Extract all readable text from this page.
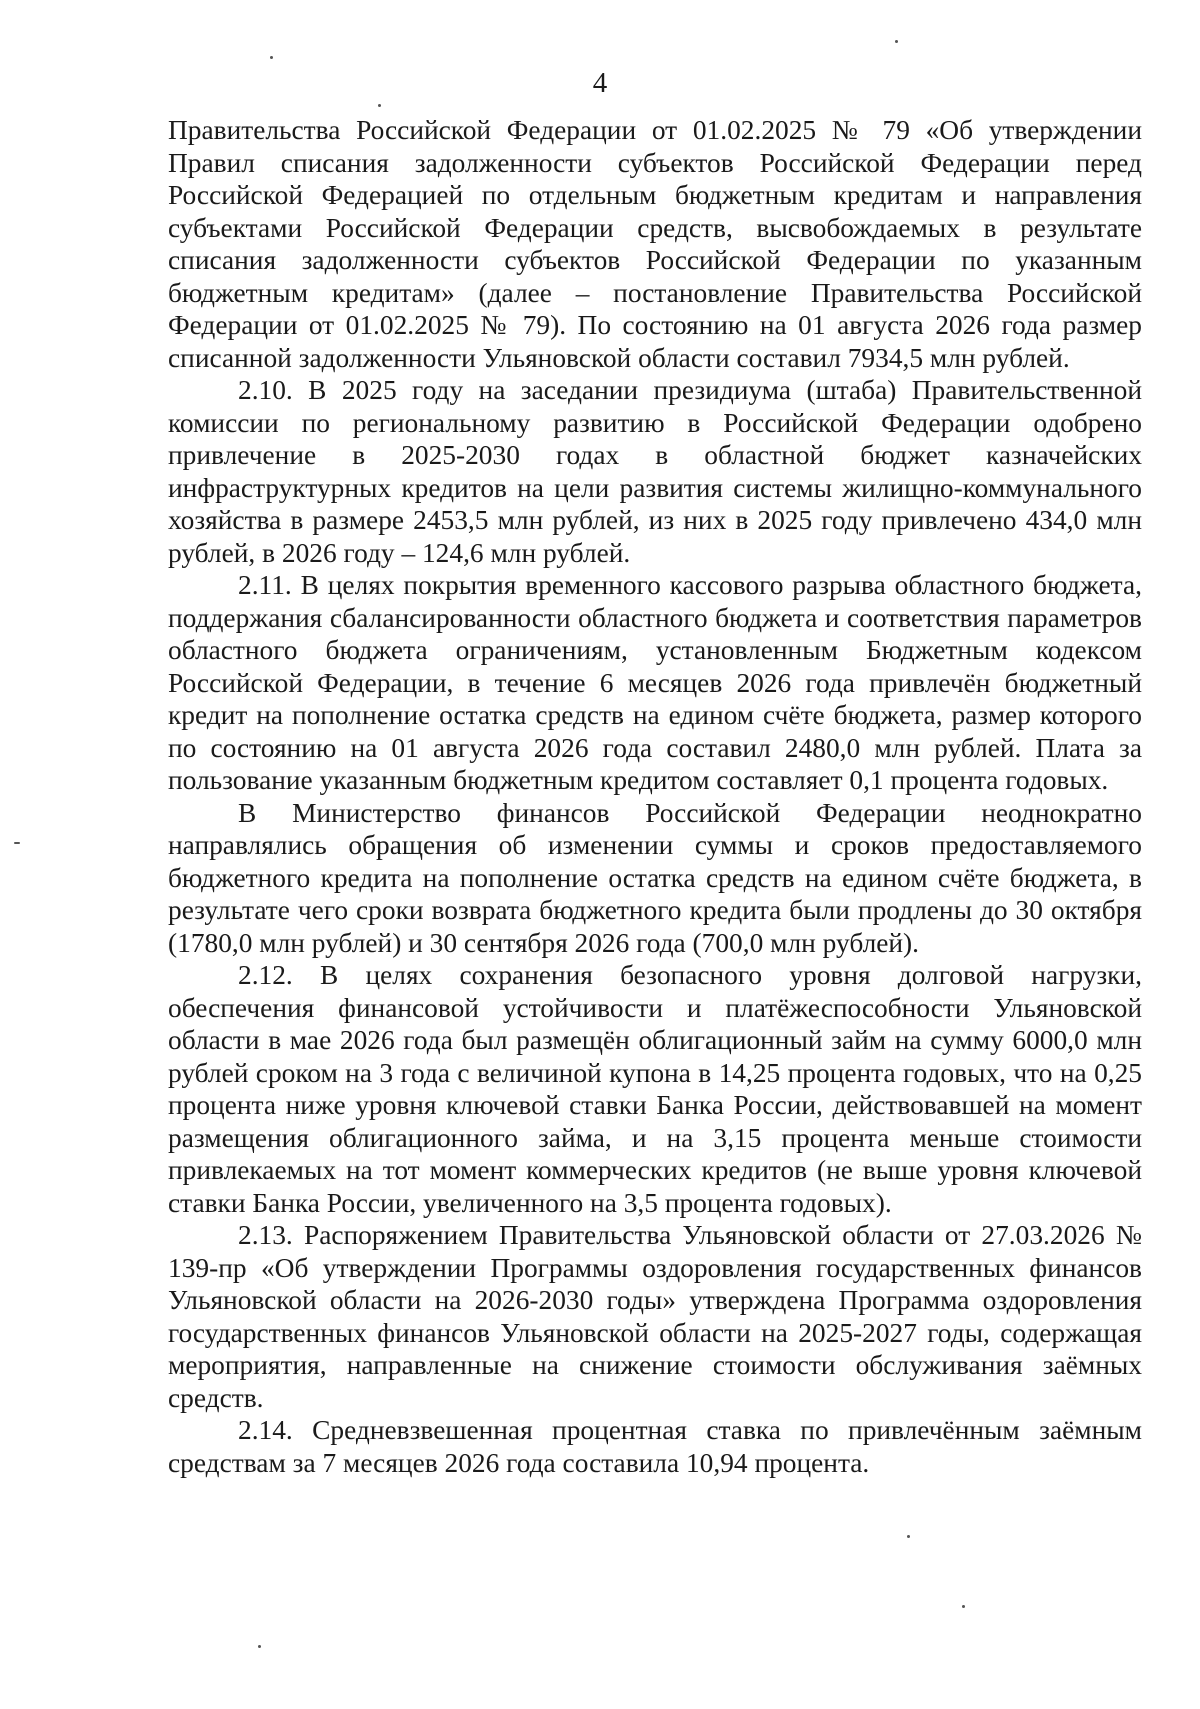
4

Правительства Российской Федерации от 01.02.2025 № 79 «Об утверждении Правил списания задолженности субъектов Российской Федерации перед Российской Федерацией по отдельным бюджетным кредитам и направления субъектами Российской Федерации средств, высвобождаемых в результате списания задолженности субъектов Российской Федерации по указанным бюджетным кредитам» (далее – постановление Правительства Российской Федерации от 01.02.2025 № 79). По состоянию на 01 августа 2026 года размер списанной задолженности Ульяновской области составил 7934,5 млн рублей.

2.10. В 2025 году на заседании президиума (штаба) Правительственной комиссии по региональному развитию в Российской Федерации одобрено привлечение в 2025-2030 годах в областной бюджет казначейских инфраструктурных кредитов на цели развития системы жилищно-коммунального хозяйства в размере 2453,5 млн рублей, из них в 2025 году привлечено 434,0 млн рублей, в 2026 году – 124,6 млн рублей.

2.11. В целях покрытия временного кассового разрыва областного бюджета, поддержания сбалансированности областного бюджета и соответствия параметров областного бюджета ограничениям, установленным Бюджетным кодексом Российской Федерации, в течение 6 месяцев 2026 года привлечён бюджетный кредит на пополнение остатка средств на едином счёте бюджета, размер которого по состоянию на 01 августа 2026 года составил 2480,0 млн рублей. Плата за пользование указанным бюджетным кредитом составляет 0,1 процента годовых.

В Министерство финансов Российской Федерации неоднократно направлялись обращения об изменении суммы и сроков предоставляемого бюджетного кредита на пополнение остатка средств на едином счёте бюджета, в результате чего сроки возврата бюджетного кредита были продлены до 30 октября (1780,0 млн рублей) и 30 сентября 2026 года (700,0 млн рублей).

2.12. В целях сохранения безопасного уровня долговой нагрузки, обеспечения финансовой устойчивости и платёжеспособности Ульяновской области в мае 2026 года был размещён облигационный займ на сумму 6000,0 млн рублей сроком на 3 года с величиной купона в 14,25 процента годовых, что на 0,25 процента ниже уровня ключевой ставки Банка России, действовавшей на момент размещения облигационного займа, и на 3,15 процента меньше стоимости привлекаемых на тот момент коммерческих кредитов (не выше уровня ключевой ставки Банка России, увеличенного на 3,5 процента годовых).

2.13. Распоряжением Правительства Ульяновской области от 27.03.2026 № 139-пр «Об утверждении Программы оздоровления государственных финансов Ульяновской области на 2026-2030 годы» утверждена Программа оздоровления государственных финансов Ульяновской области на 2025-2027 годы, содержащая мероприятия, направленные на снижение стоимости обслуживания заёмных средств.

2.14. Средневзвешенная процентная ставка по привлечённым заёмным средствам за 7 месяцев 2026 года составила 10,94 процента.
